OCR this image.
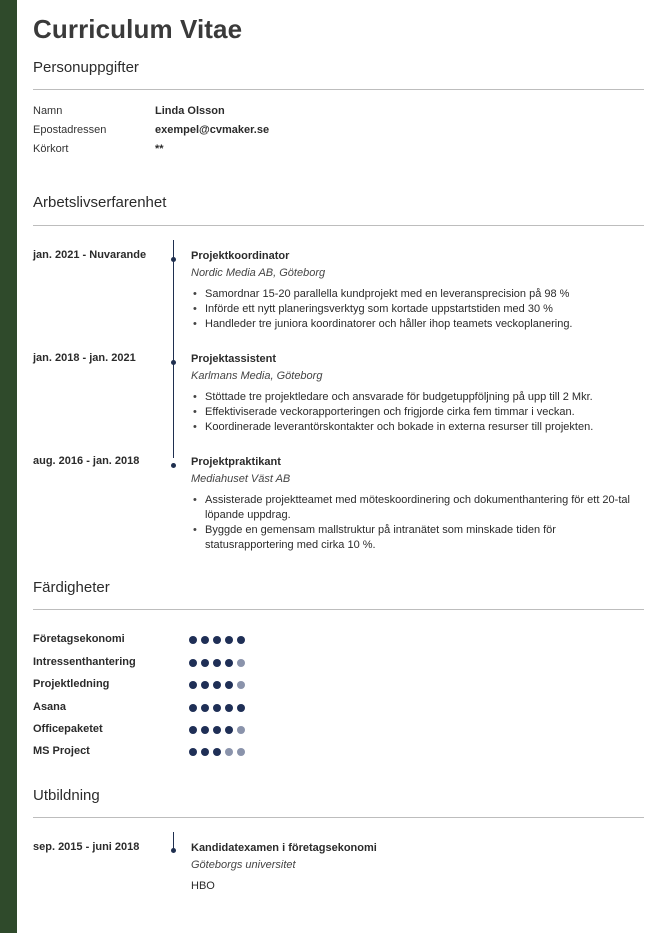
Curriculum Vitae
Personuppgifter
Namn	Linda Olsson
Epostadressen	exempel@cvmaker.se
Körkort	**
Arbetslivserfarenhet
jan. 2021 - Nuvarande	Projektkoordinator
Nordic Media AB, Göteborg
• Samordnar 15-20 parallella kundprojekt med en leveransprecision på 98 %
• Införde ett nytt planeringsverktyg som kortade uppstartstiden med 30 %
• Handleder tre juniora koordinatorer och håller ihop teamets veckoplanering.
jan. 2018 - jan. 2021	Projektassistent
Karlmans Media, Göteborg
• Stöttade tre projektledare och ansvarade för budgetuppföljning på upp till 2 Mkr.
• Effektiviserade veckorapporteringen och frigjorde cirka fem timmar i veckan.
• Koordinerade leverantörskontakter och bokade in externa resurser till projekten.
aug. 2016 - jan. 2018	Projektpraktikant
Mediahuset Väst AB
• Assisterade projektteamet med möteskoordinering och dokumenthantering för ett 20-tal löpande uppdrag.
• Byggde en gemensam mallstruktur på intranätet som minskade tiden för statusrapportering med cirka 10 %.
Färdigheter
Företagsekonomi
Intressenthantering
Projektledning
Asana
Officepaketet
MS Project
Utbildning
sep. 2015 - juni 2018	Kandidatexamen i företagsekonomi
Göteborgs universitet
HBO
